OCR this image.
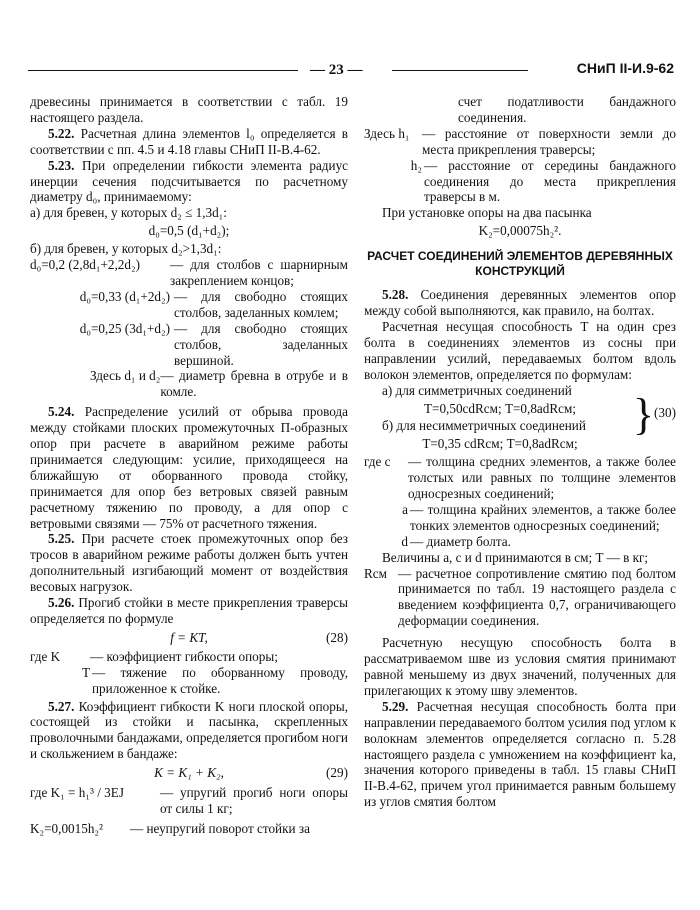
— 23 —	СНиП II-И.9-62

древесины принимается в соответствии с табл. 19 настоящего раздела.

5.22. Расчетная длина элементов l₀ определяется в соответствии с пп. 4.5 и 4.18 главы СНиП II-В.4-62.

5.23. При определении гибкости элемента радиус инерции сечения подсчитывается по расчетному диаметру d₀, принимаемому:

а) для бревен, у которых d₂ ≤ 1,3d₁:

d₀=0,5 (d₁+d₂);

б) для бревен, у которых d₂>1,3d₁:

d₀=0,2 (2,8d₁+2,2d₂)	— для столбов с шарнирным закреплением концов;
d₀=0,33 (d₁+2d₂) — для свободно стоящих столбов, заделанных комлем;
d₀=0,25 (3d₁+d₂) — для свободно стоящих столбов, заделанных вершиной.
Здесь d₁ и d₂ — диаметр бревна в отрубе и в комле.

5.24. Распределение усилий от обрыва провода между стойками плоских промежуточных П-образных опор при расчете в аварийном режиме работы принимается следующим: усилие, приходящееся на ближайшую от оборванного провода стойку, принимается для опор без ветровых связей равным расчетному тяжению по проводу, а для опор с ветровыми связями — 75% от расчетного тяжения.

5.25. При расчете стоек промежуточных опор без тросов в аварийном режиме работы должен быть учтен дополнительный изгибающий момент от воздействия весовых нагрузок.

5.26. Прогиб стойки в месте прикрепления траверсы определяется по формуле

f = KT,	(28)
где K	— коэффициент гибкости опоры;
T — тяжение по оборванному проводу, приложенное к стойке.

5.27. Коэффициент гибкости K ноги плоской опоры, состоящей из стойки и пасынка, скрепленных проволочными бандажами, определяется прогибом ноги и скольжением в бандаже:

K = K₁ + K₂,	(29)
где K₁ = h₁³ / 3EJ	— упругий прогиб ноги опоры от силы 1 кг;
K₂=0,0015h₂²	— неупругий поворот стойки за

счет податливости бандажного соединения.

Здесь h₁ — расстояние от поверхности земли до места прикрепления траверсы;
h₂ — расстояние от середины бандажного соединения до места прикрепления траверсы в м.

При установке опоры на два пасынка

K₂=0,00075h₂².

РАСЧЕТ СОЕДИНЕНИЙ ЭЛЕМЕНТОВ ДЕРЕВЯННЫХ КОНСТРУКЦИЙ

5.28. Соединения деревянных элементов опор между собой выполняются, как правило, на болтах.

Расчетная несущая способность T на один срез болта в соединениях элементов из сосны при направлении усилий, передаваемых болтом вдоль волокон элементов, определяется по формулам:

а) для симметричных соединений

T=0,50cdRсм; T=0,8adRсм;

б) для несимметричных соединений

T=0,35 cdRсм; T=0,8adRсм;

} (30)
где c	— толщина средних элементов, а также более толстых или равных по толщине элементов односрезных соединений;
a — толщина крайних элементов, а также более тонких элементов односрезных соединений;
d — диаметр болта.

Величины a, c и d принимаются в см; T — в кг;

Rсм — расчетное сопротивление смятию под болтом принимается по табл. 19 настоящего раздела с введением коэффициента 0,7, ограничивающего деформации соединения.

Расчетную несущую способность болта в рассматриваемом шве из условия смятия принимают равной меньшему из двух значений, полученных для прилегающих к этому шву элементов.

5.29. Расчетная несущая способность болта при направлении передаваемого болтом усилия под углом к волокнам элементов определяется согласно п. 5.28 настоящего раздела с умножением на коэффициент kа, значения которого приведены в табл. 15 главы СНиП II-В.4-62, причем угол принимается равным большему из углов смятия болтом
